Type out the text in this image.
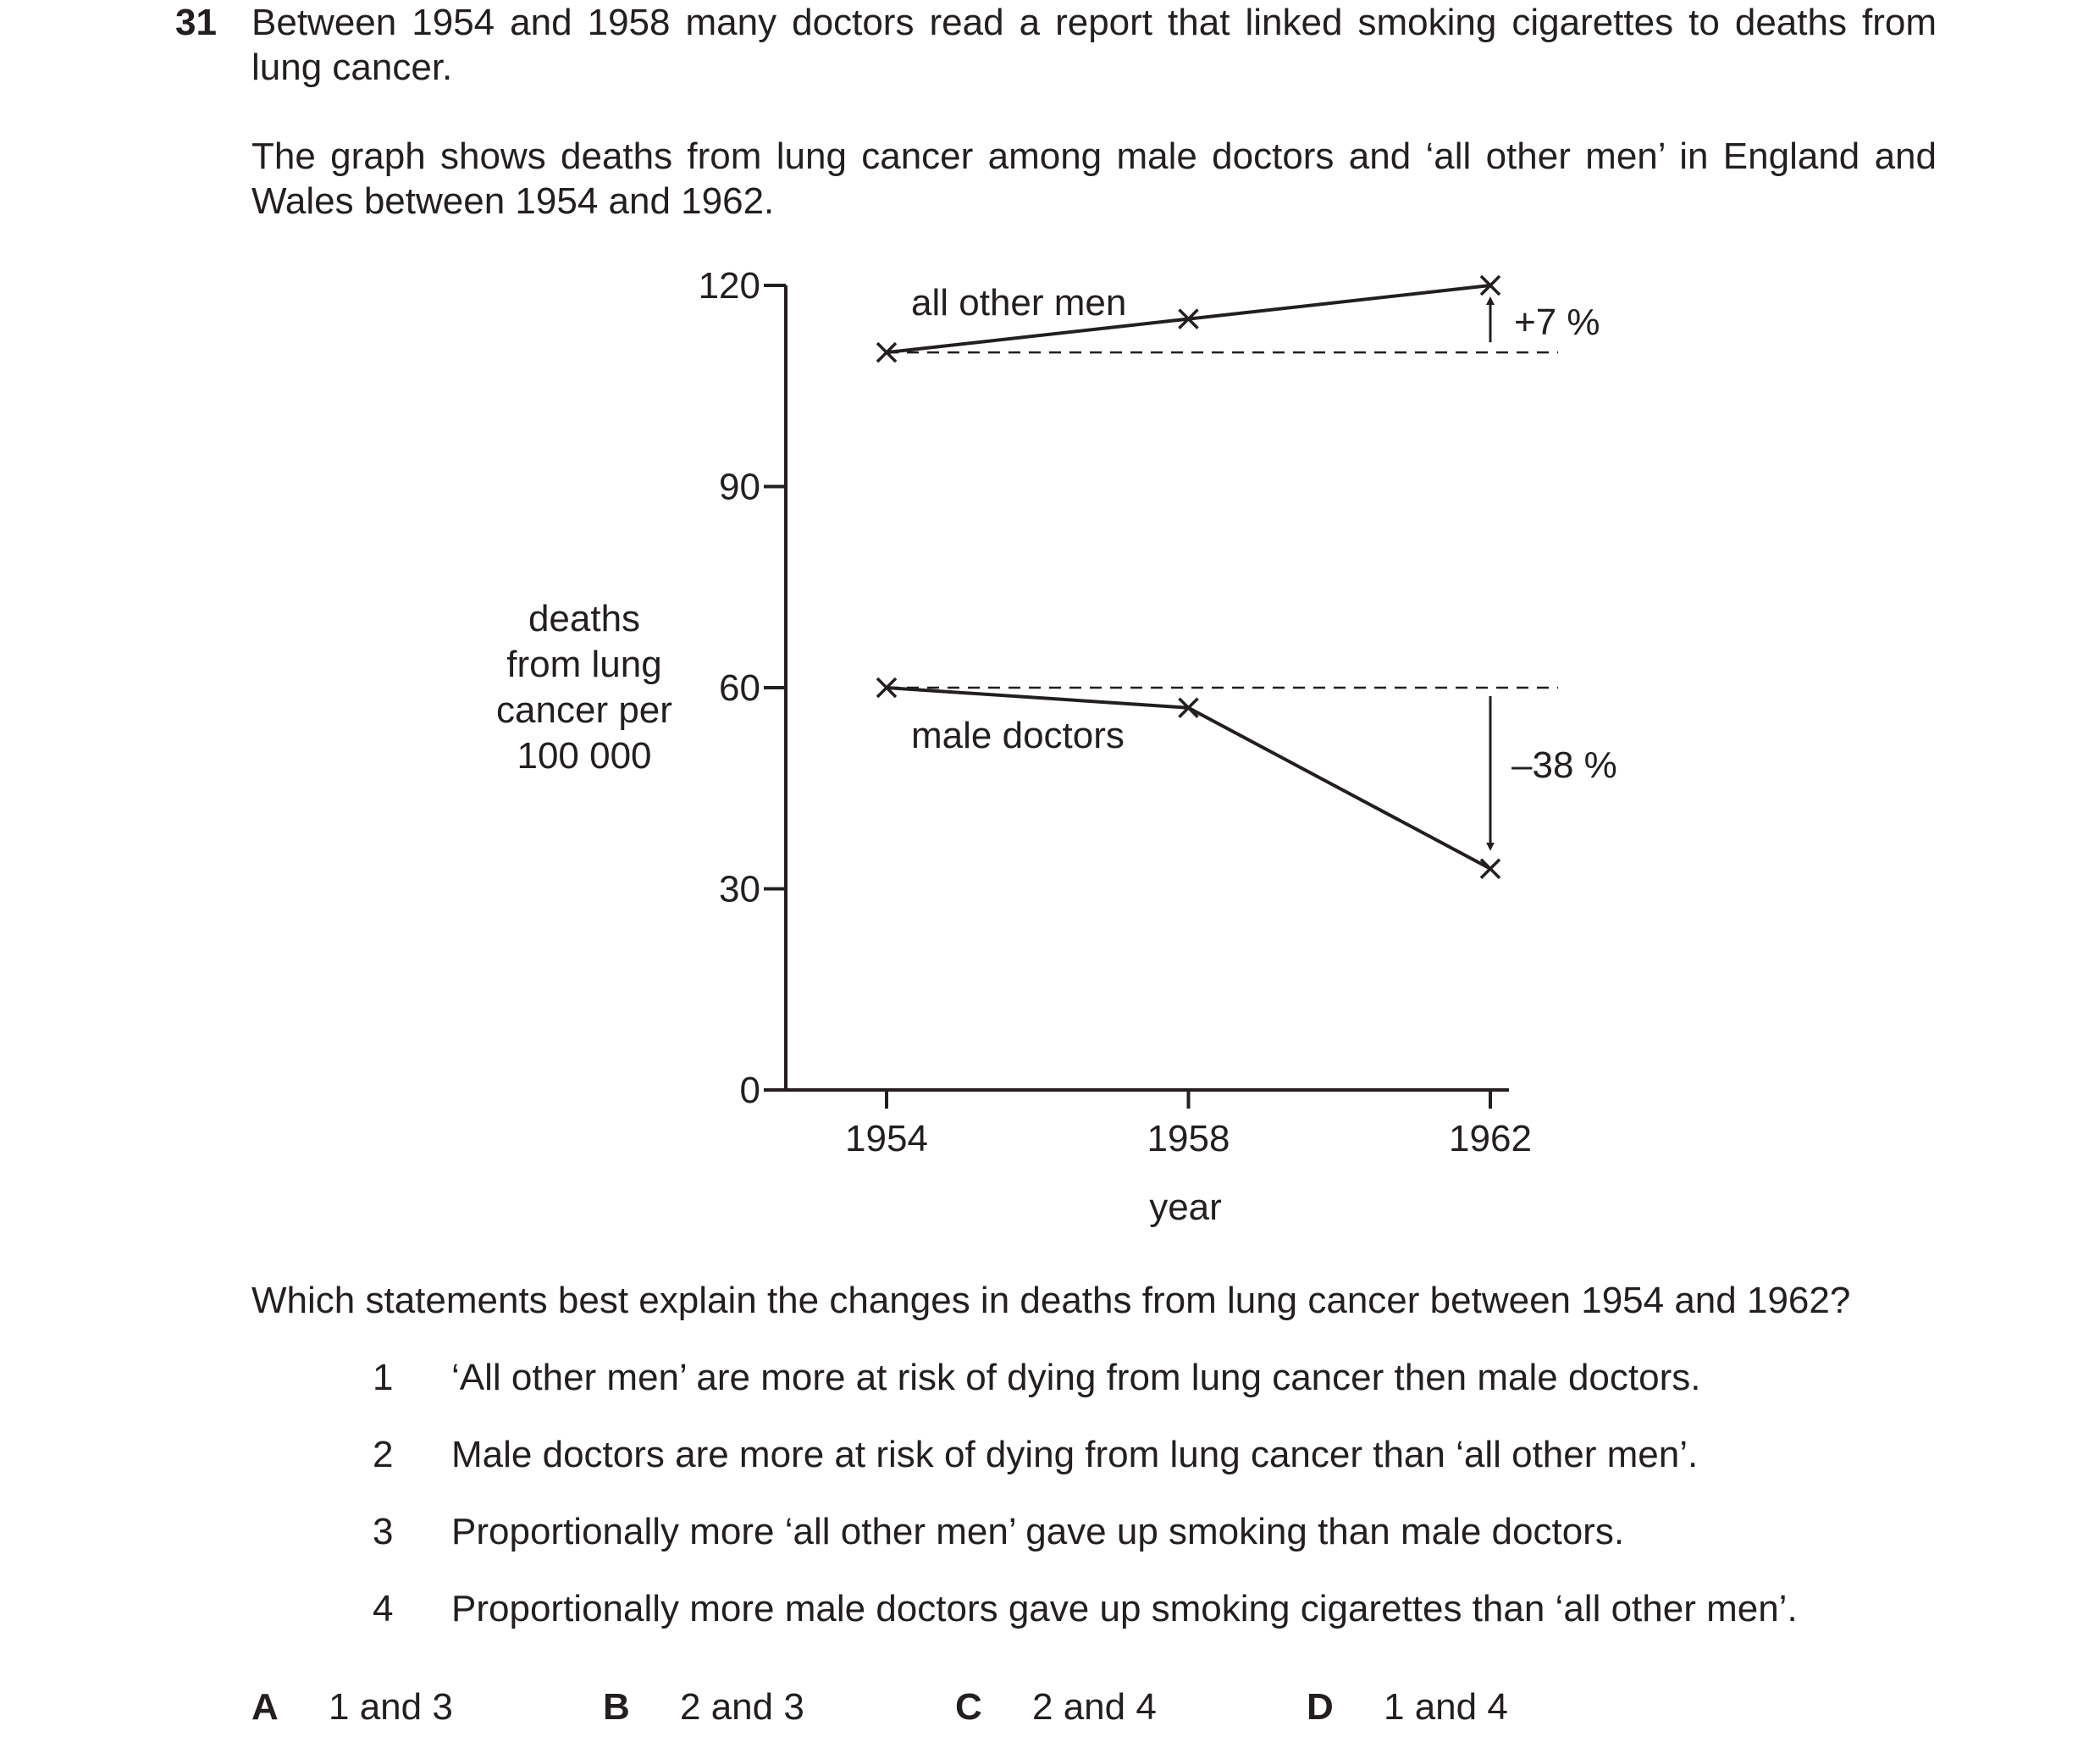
31 Between 1954 and 1958 many doctors read a report that linked smoking cigarettes to deaths from lung cancer.
The graph shows deaths from lung cancer among male doctors and ‘all other men’ in England and Wales between 1954 and 1962.
0
30
60
90
120
1954	1958	1962
year
deaths
from lung
cancer per
100 000
all other men
male doctors
+7 %
–38 %
Which statements best explain the changes in deaths from lung cancer between 1954 and 1962?
1	‘All other men’ are more at risk of dying from lung cancer then male doctors.
2	Male doctors are more at risk of dying from lung cancer than ‘all other men’.
3	Proportionally more ‘all other men’ gave up smoking than male doctors.
4	Proportionally more male doctors gave up smoking cigarettes than ‘all other men’.
A 1 and 3	B 2 and 3	C 2 and 4	D 1 and 4
